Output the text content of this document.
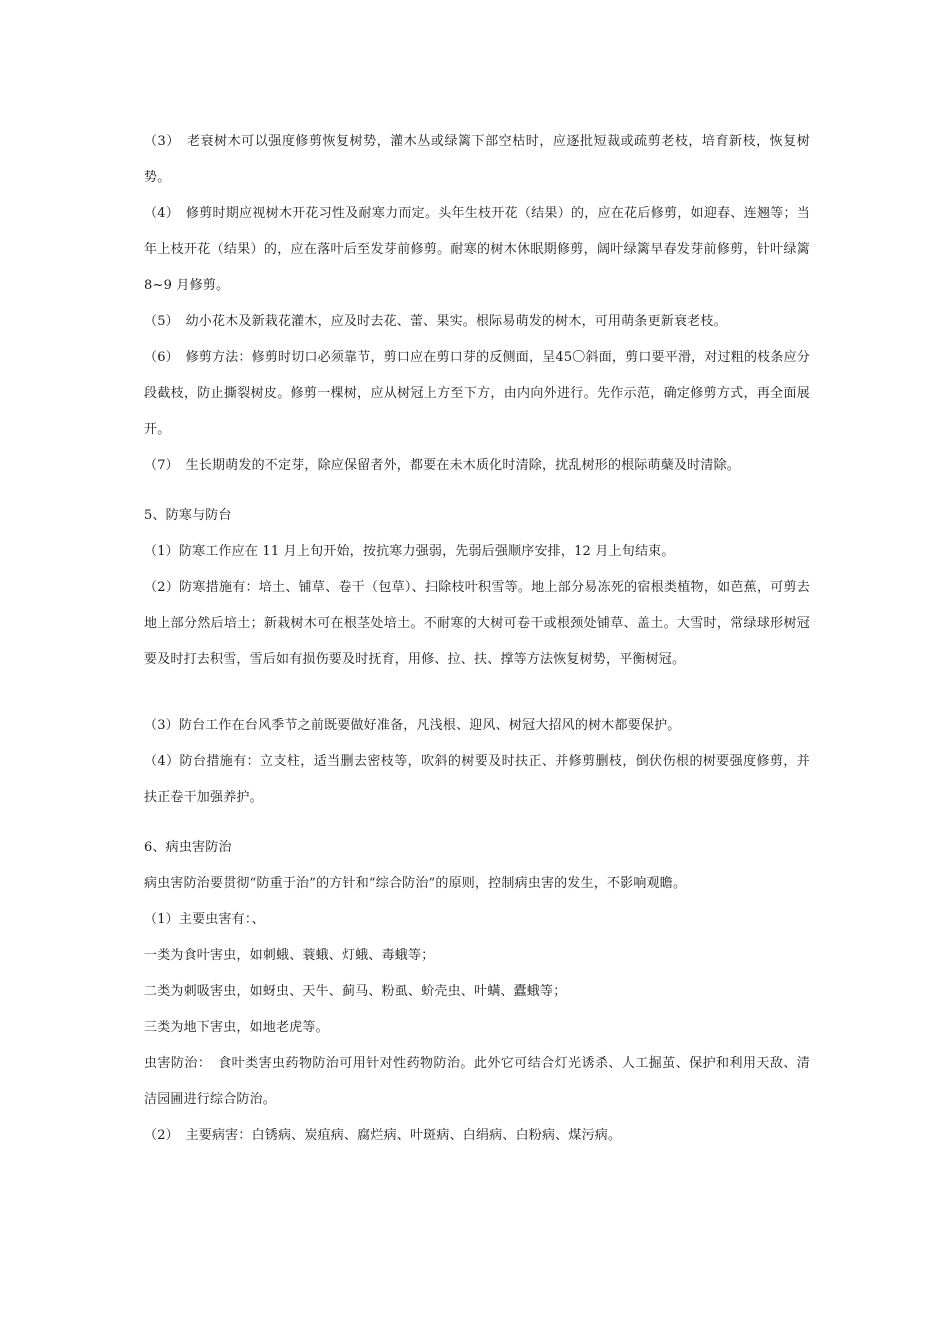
（3）　老衰树木可以强度修剪恢复树势，灌木丛或绿篱下部空枯时，应逐批短裁或疏剪老枝，培育新枝，恢复树势。

（4）　修剪时期应视树木开花习性及耐寒力而定。头年生枝开花（结果）的，应在花后修剪，如迎春、连翘等；当年上枝开花（结果）的，应在落叶后至发芽前修剪。耐寒的树木休眠期修剪，阔叶绿篱早春发芽前修剪，针叶绿篱 8~9 月修剪。

（5）　幼小花木及新栽花灌木，应及时去花、蕾、果实。根际易萌发的树木，可用萌条更新衰老枝。

（6）　修剪方法：修剪时切口必须靠节，剪口应在剪口芽的反侧面，呈45〇斜面，剪口要平滑，对过粗的枝条应分段截枝，防止撕裂树皮。修剪一棵树，应从树冠上方至下方，由内向外进行。先作示范，确定修剪方式，再全面展开。

（7）　生长期萌发的不定芽，除应保留者外，都要在未木质化时清除，扰乱树形的根际萌蘖及时清除。

5、防寒与防台

（1）防寒工作应在 11 月上旬开始，按抗寒力强弱，先弱后强顺序安排，12 月上旬结束。

（2）防寒措施有：培土、铺草、卷干（包草）、扫除枝叶积雪等。地上部分易冻死的宿根类植物，如芭蕉，可剪去地上部分然后培土；新栽树木可在根茎处培土。不耐寒的大树可卷干或根颈处铺草、盖土。大雪时，常绿球形树冠要及时打去积雪，雪后如有损伤要及时抚育，用修、拉、扶、撑等方法恢复树势，平衡树冠。

（3）防台工作在台风季节之前既要做好准备，凡浅根、迎风、树冠大招风的树木都要保护。

（4）防台措施有：立支柱，适当删去密枝等，吹斜的树要及时扶正、并修剪删枝，倒伏伤根的树要强度修剪，并扶正卷干加强养护。

6、病虫害防治

病虫害防治要贯彻“防重于治”的方针和“综合防治”的原则，控制病虫害的发生，不影响观瞻。

（1）主要虫害有：、

一类为食叶害虫，如刺蛾、蓑蛾、灯蛾、毒蛾等；

二类为刺吸害虫，如蚜虫、天牛、蓟马、粉虱、蚧壳虫、叶螨、蠹蛾等；

三类为地下害虫，如地老虎等。

虫害防治：　食叶类害虫药物防治可用针对性药物防治。此外它可结合灯光诱杀、人工掘茧、保护和利用天敌、清洁园圃进行综合防治。

（2）　主要病害：白锈病、炭疽病、腐烂病、叶斑病、白绢病、白粉病、煤污病。
